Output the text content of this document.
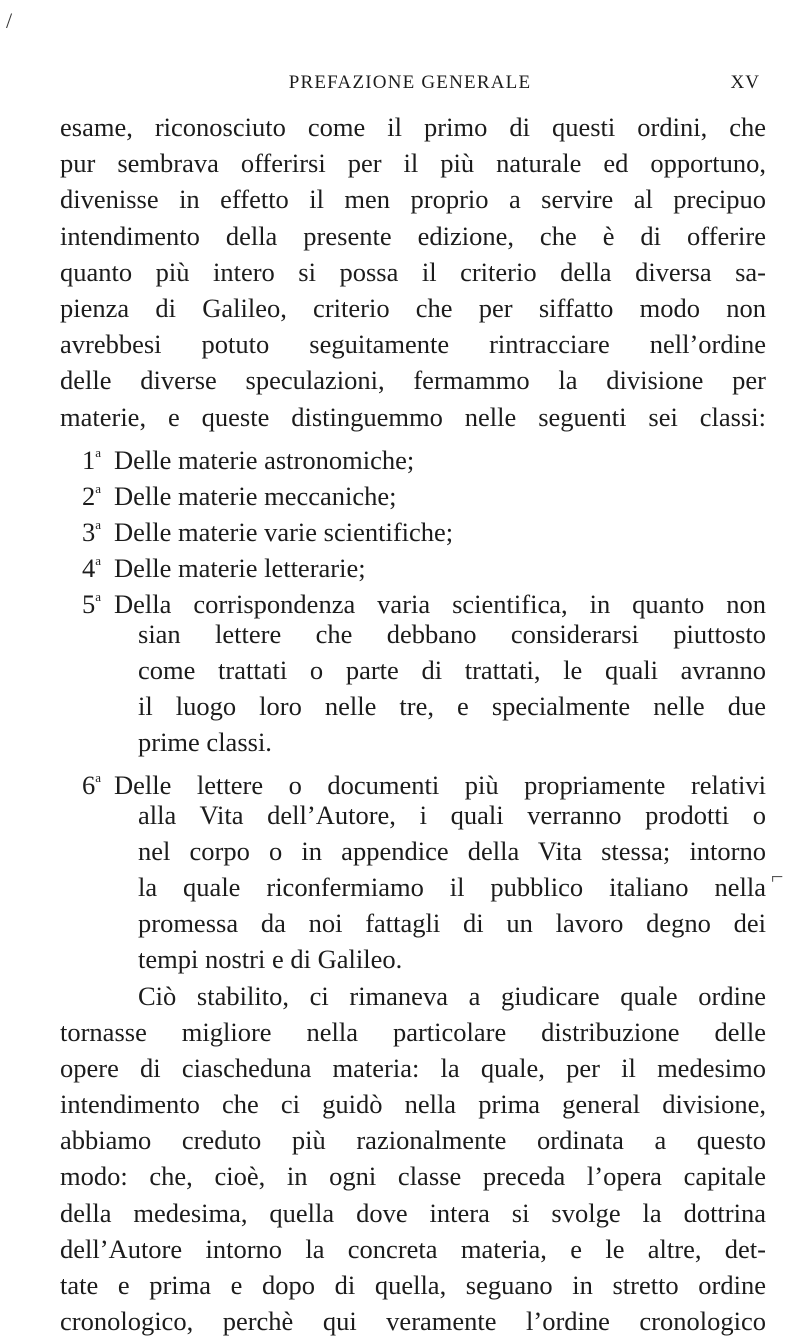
/
PREFAZIONE GENERALE	XV
esame, riconosciuto come il primo di questi ordini, che
pur sembrava offerirsi per il più naturale ed opportuno,
divenisse in effetto il men proprio a servire al precipuo
intendimento della presente edizione, che è di offerire
quanto più intero si possa il criterio della diversa sa-
pienza di Galileo, criterio che per siffatto modo non
avrebbesi potuto seguitamente rintracciare nell’ordine
delle diverse speculazioni, fermammo la divisione per
materie, e queste distinguemmo nelle seguenti sei classi:
1$^a$ Delle materie astronomiche;
2$^a$ Delle materie meccaniche;
3$^a$ Delle materie varie scientifiche;
4$^a$ Delle materie letterarie;
5$^a$ Della corrispondenza varia scientifica, in quanto non
sian lettere che debbano considerarsi piuttosto
come trattati o parte di trattati, le quali avranno
il luogo loro nelle tre, e specialmente nelle due
prime classi.
6$^a$ Delle lettere o documenti più propriamente relativi
alla Vita dell’Autore, i quali verranno prodotti o
nel corpo o in appendice della Vita stessa; intorno
la quale riconfermiamo il pubblico italiano nella
promessa da noi fattagli di un lavoro degno dei
tempi nostri e di Galileo.
Ciò stabilito, ci rimaneva a giudicare quale ordine
tornasse migliore nella particolare distribuzione delle
opere di ciascheduna materia: la quale, per il medesimo
intendimento che ci guidò nella prima general divisione,
abbiamo creduto più razionalmente ordinata a questo
modo: che, cioè, in ogni classe preceda l’opera capitale
della medesima, quella dove intera si svolge la dottrina
dell’Autore intorno la concreta materia, e le altre, det-
tate e prima e dopo di quella, seguano in stretto ordine
cronologico, perchè qui veramente l’ordine cronologico
⌐
